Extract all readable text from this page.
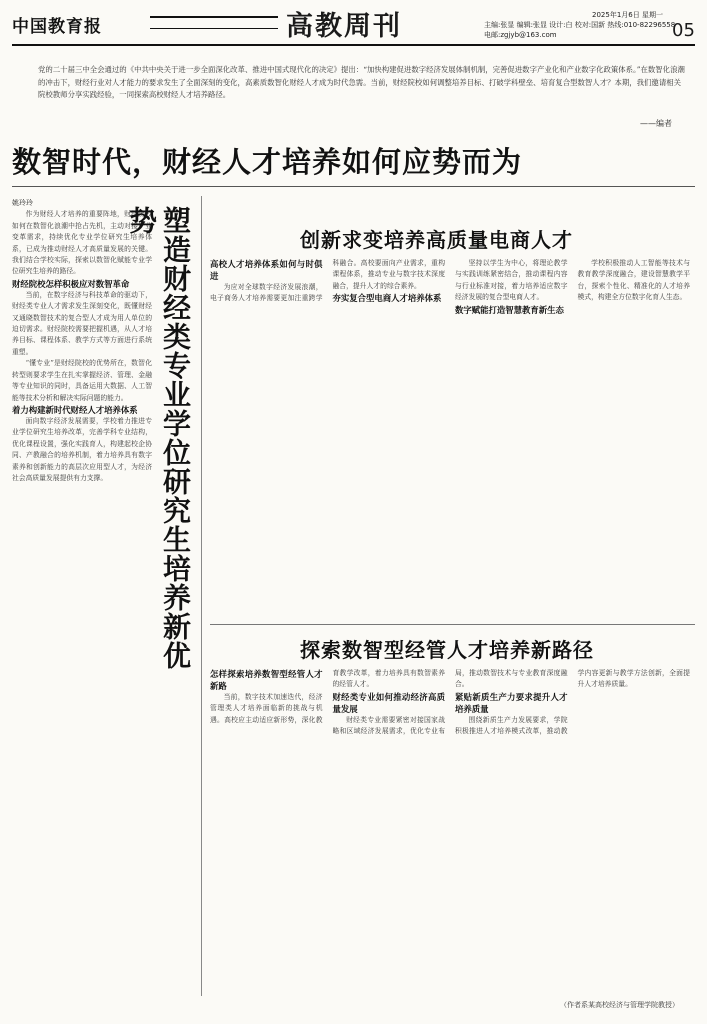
中国教育报	高教周刊	主编:张显 编辑:张显 设计:白 校对:国新 热线:010-82296558
电邮:zgjyb@163.com
2025年1月6日 星期一
05
党的二十届三中全会通过的《中共中央关于进一步全面深化改革、推进中国式现代化的决定》提出：“加快构建促进数字经济发展体制机制，完善促进数字产业化和产业数字化政策体系。”在数智化浪潮的冲击下，财经行业对人才能力的要求发生了全面深刻的变化，高素质数智化财经人才成为时代急需。当前，财经院校如何调整培养目标、打破学科壁垒、培育复合型数智人才？本期，我们邀请相关院校教师分享实践经验，一同探索高校财经人才培养路径。
——编者
数智时代，财经人才培养如何应势而为
姚玲玲

作为财经人才培养的重要阵地，财经院校如何在数智化浪潮中抢占先机，主动对接产业变革需求，持续优化专业学位研究生培养体系，已成为推动财经人才高质量发展的关键。我们结合学校实际，探索以数智化赋能专业学位研究生培养的路径。

财经院校怎样积极应对数智革命

当前，在数字经济与科技革命的驱动下，财经类专业人才需求发生深刻变化，既懂财经又通晓数智技术的复合型人才成为用人单位的迫切需求。财经院校需要把握机遇，从人才培养目标、课程体系、教学方式等方面进行系统重塑。

“懂专业”是财经院校的优势所在，数智化转型则要求学生在扎实掌握经济、管理、金融等专业知识的同时，具备运用大数据、人工智能等技术分析和解决实际问题的能力。

着力构建新时代财经人才培养体系

面向数字经济发展需要，学校着力推进专业学位研究生培养改革，完善学科专业结构，优化课程设置，强化实践育人，构建起校企协同、产教融合的培养机制，着力培养具有数字素养和创新能力的高层次应用型人才，为经济社会高质量发展提供有力支撑。	塑造财经类专业学位研究生培养新优势
创新求变培养高质量电商人才

高校人才培养体系如何与时俱进

为应对全球数字经济发展浪潮，电子商务人才培养需要更加注重跨学科融合。高校要面向产业需求，重构课程体系，推动专业与数字技术深度融合，提升人才的综合素养。

夯实复合型电商人才培养体系

坚持以学生为中心，将理论教学与实践训练紧密结合，推动课程内容与行业标准对接，着力培养适应数字经济发展的复合型电商人才。

数字赋能打造智慧教育新生态

学校积极推动人工智能等技术与教育教学深度融合，建设智慧教学平台，探索个性化、精准化的人才培养模式，构建全方位数字化育人生态。

探索数智型经管人才培养新路径

怎样探索培养数智型经管人才新路

当前，数字技术加速迭代，经济管理类人才培养面临新的挑战与机遇。高校应主动适应新形势，深化教育教学改革，着力培养具有数智素养的经管人才。

财经类专业如何推动经济高质量发展

财经类专业需要紧密对接国家战略和区域经济发展需求，优化专业布局，推动数智技术与专业教育深度融合。

紧贴新质生产力要求提升人才培养质量

围绕新质生产力发展要求，学院积极推进人才培养模式改革，推动教学内容更新与教学方法创新，全面提升人才培养质量。

（作者系某高校经济与管理学院教授）
